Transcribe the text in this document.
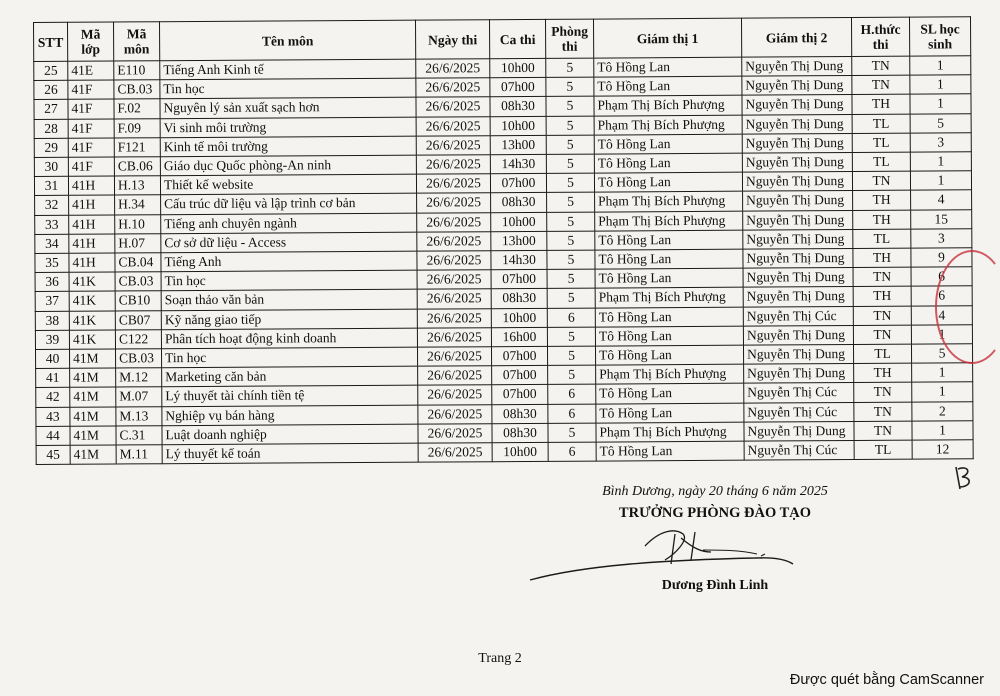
STT	Mã lớp	Mã môn	Tên môn	Ngày thi	Ca thi	Phòng thi	Giám thị 1	Giám thị 2	H.thức thi	SL học sinh
25	41E	E110	Tiếng Anh Kinh tế	26/6/2025	10h00	5	Tô Hồng Lan	Nguyễn Thị Dung	TN	1
26	41F	CB.03	Tin học	26/6/2025	07h00	5	Tô Hồng Lan	Nguyễn Thị Dung	TN	1
27	41F	F.02	Nguyên lý sản xuất sạch hơn	26/6/2025	08h30	5	Phạm Thị Bích Phượng	Nguyễn Thị Dung	TH	1
28	41F	F.09	Vi sinh môi trường	26/6/2025	10h00	5	Phạm Thị Bích Phượng	Nguyễn Thị Dung	TL	5
29	41F	F121	Kinh tế môi trường	26/6/2025	13h00	5	Tô Hồng Lan	Nguyễn Thị Dung	TL	3
30	41F	CB.06	Giáo dục Quốc phòng-An ninh	26/6/2025	14h30	5	Tô Hồng Lan	Nguyễn Thị Dung	TL	1
31	41H	H.13	Thiết kế website	26/6/2025	07h00	5	Tô Hồng Lan	Nguyễn Thị Dung	TN	1
32	41H	H.34	Cấu trúc dữ liệu và lập trình cơ bản	26/6/2025	08h30	5	Phạm Thị Bích Phượng	Nguyễn Thị Dung	TH	4
33	41H	H.10	Tiếng anh chuyên ngành	26/6/2025	10h00	5	Phạm Thị Bích Phượng	Nguyễn Thị Dung	TH	15
34	41H	H.07	Cơ sở dữ liệu - Access	26/6/2025	13h00	5	Tô Hồng Lan	Nguyễn Thị Dung	TL	3
35	41H	CB.04	Tiếng Anh	26/6/2025	14h30	5	Tô Hồng Lan	Nguyễn Thị Dung	TH	9
36	41K	CB.03	Tin học	26/6/2025	07h00	5	Tô Hồng Lan	Nguyễn Thị Dung	TN	6
37	41K	CB10	Soạn thảo văn bản	26/6/2025	08h30	5	Phạm Thị Bích Phượng	Nguyễn Thị Dung	TH	6
38	41K	CB07	Kỹ năng giao tiếp	26/6/2025	10h00	6	Tô Hồng Lan	Nguyễn Thị Cúc	TN	4
39	41K	C122	Phân tích hoạt động kinh doanh	26/6/2025	16h00	5	Tô Hồng Lan	Nguyễn Thị Dung	TN	1
40	41M	CB.03	Tin học	26/6/2025	07h00	5	Tô Hồng Lan	Nguyễn Thị Dung	TL	5
41	41M	M.12	Marketing căn bản	26/6/2025	07h00	5	Phạm Thị Bích Phượng	Nguyễn Thị Dung	TH	1
42	41M	M.07	Lý thuyết tài chính tiền tệ	26/6/2025	07h00	6	Tô Hồng Lan	Nguyễn Thị Cúc	TN	1
43	41M	M.13	Nghiệp vụ bán hàng	26/6/2025	08h30	6	Tô Hồng Lan	Nguyễn Thị Cúc	TN	2
44	41M	C.31	Luật doanh nghiệp	26/6/2025	08h30	5	Phạm Thị Bích Phượng	Nguyễn Thị Dung	TN	1
45	41M	M.11	Lý thuyết kế toán	26/6/2025	10h00	6	Tô Hồng Lan	Nguyễn Thị Cúc	TL	12
Bình Dương, ngày 20 tháng 6 năm 2025
TRƯỞNG PHÒNG ĐÀO TẠO
Dương Đình Linh
Trang 2
Được quét bằng CamScanner
